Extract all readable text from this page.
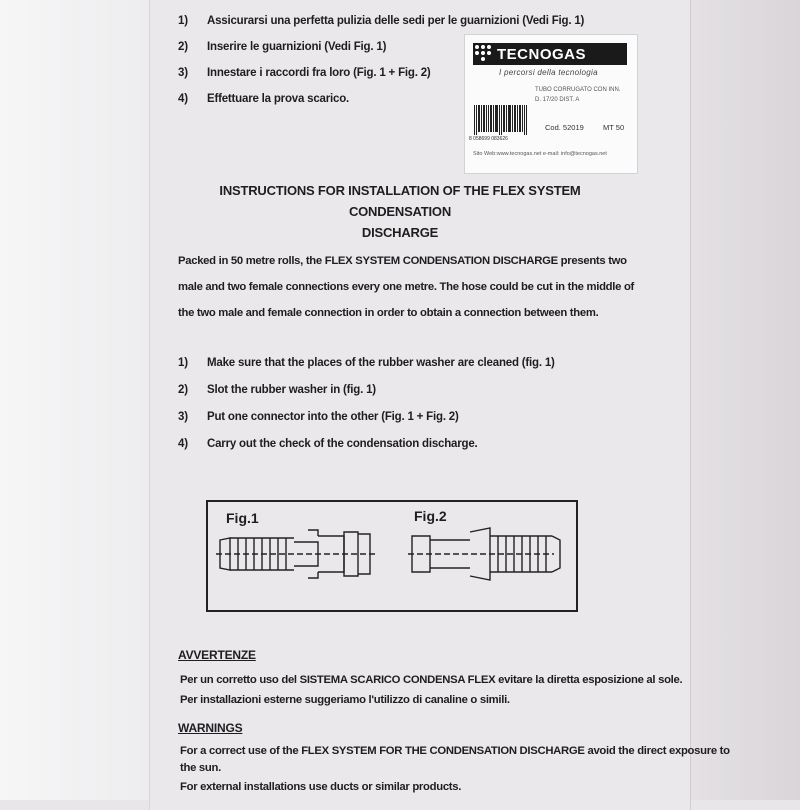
1)	Assicurarsi una perfetta pulizia delle sedi per le guarnizioni (Vedi Fig. 1)
2)	Inserire le guarnizioni (Vedi Fig. 1)
3)	Innestare i raccordi fra loro (Fig. 1 + Fig. 2)
4)	Effettuare la prova scarico.
TECNOGAS
I percorsi della tecnologia
TUBO CORRUGATO CON INN.
D. 17/20 DIST. A
8 058699 083626
Cod. 52019	MT 50
Sito Web:www.tecnogas.net e-mail: info@tecnogas.net
INSTRUCTIONS FOR INSTALLATION OF THE FLEX SYSTEM CONDENSATION
DISCHARGE

Packed in 50 metre rolls, the FLEX SYSTEM CONDENSATION DISCHARGE presents two male and two female connections every one metre. The hose could be cut in the middle of the two male and female connection in order to obtain a connection between them.

1)	Make sure that the places of the rubber washer are cleaned (fig. 1)
2)	Slot the rubber washer in (fig. 1)
3)	Put one connector into the other (Fig. 1 + Fig. 2)
4)	Carry out the check of the condensation discharge.
Fig.1	Fig.2
AVVERTENZE
Per un corretto uso del SISTEMA SCARICO CONDENSA FLEX evitare la diretta esposizione al sole.
Per installazioni esterne suggeriamo l'utilizzo di canaline o simili.
WARNINGS
For a correct use of the FLEX SYSTEM FOR THE CONDENSATION DISCHARGE avoid the direct exposure to
the sun.
For external installations use ducts or similar products.
